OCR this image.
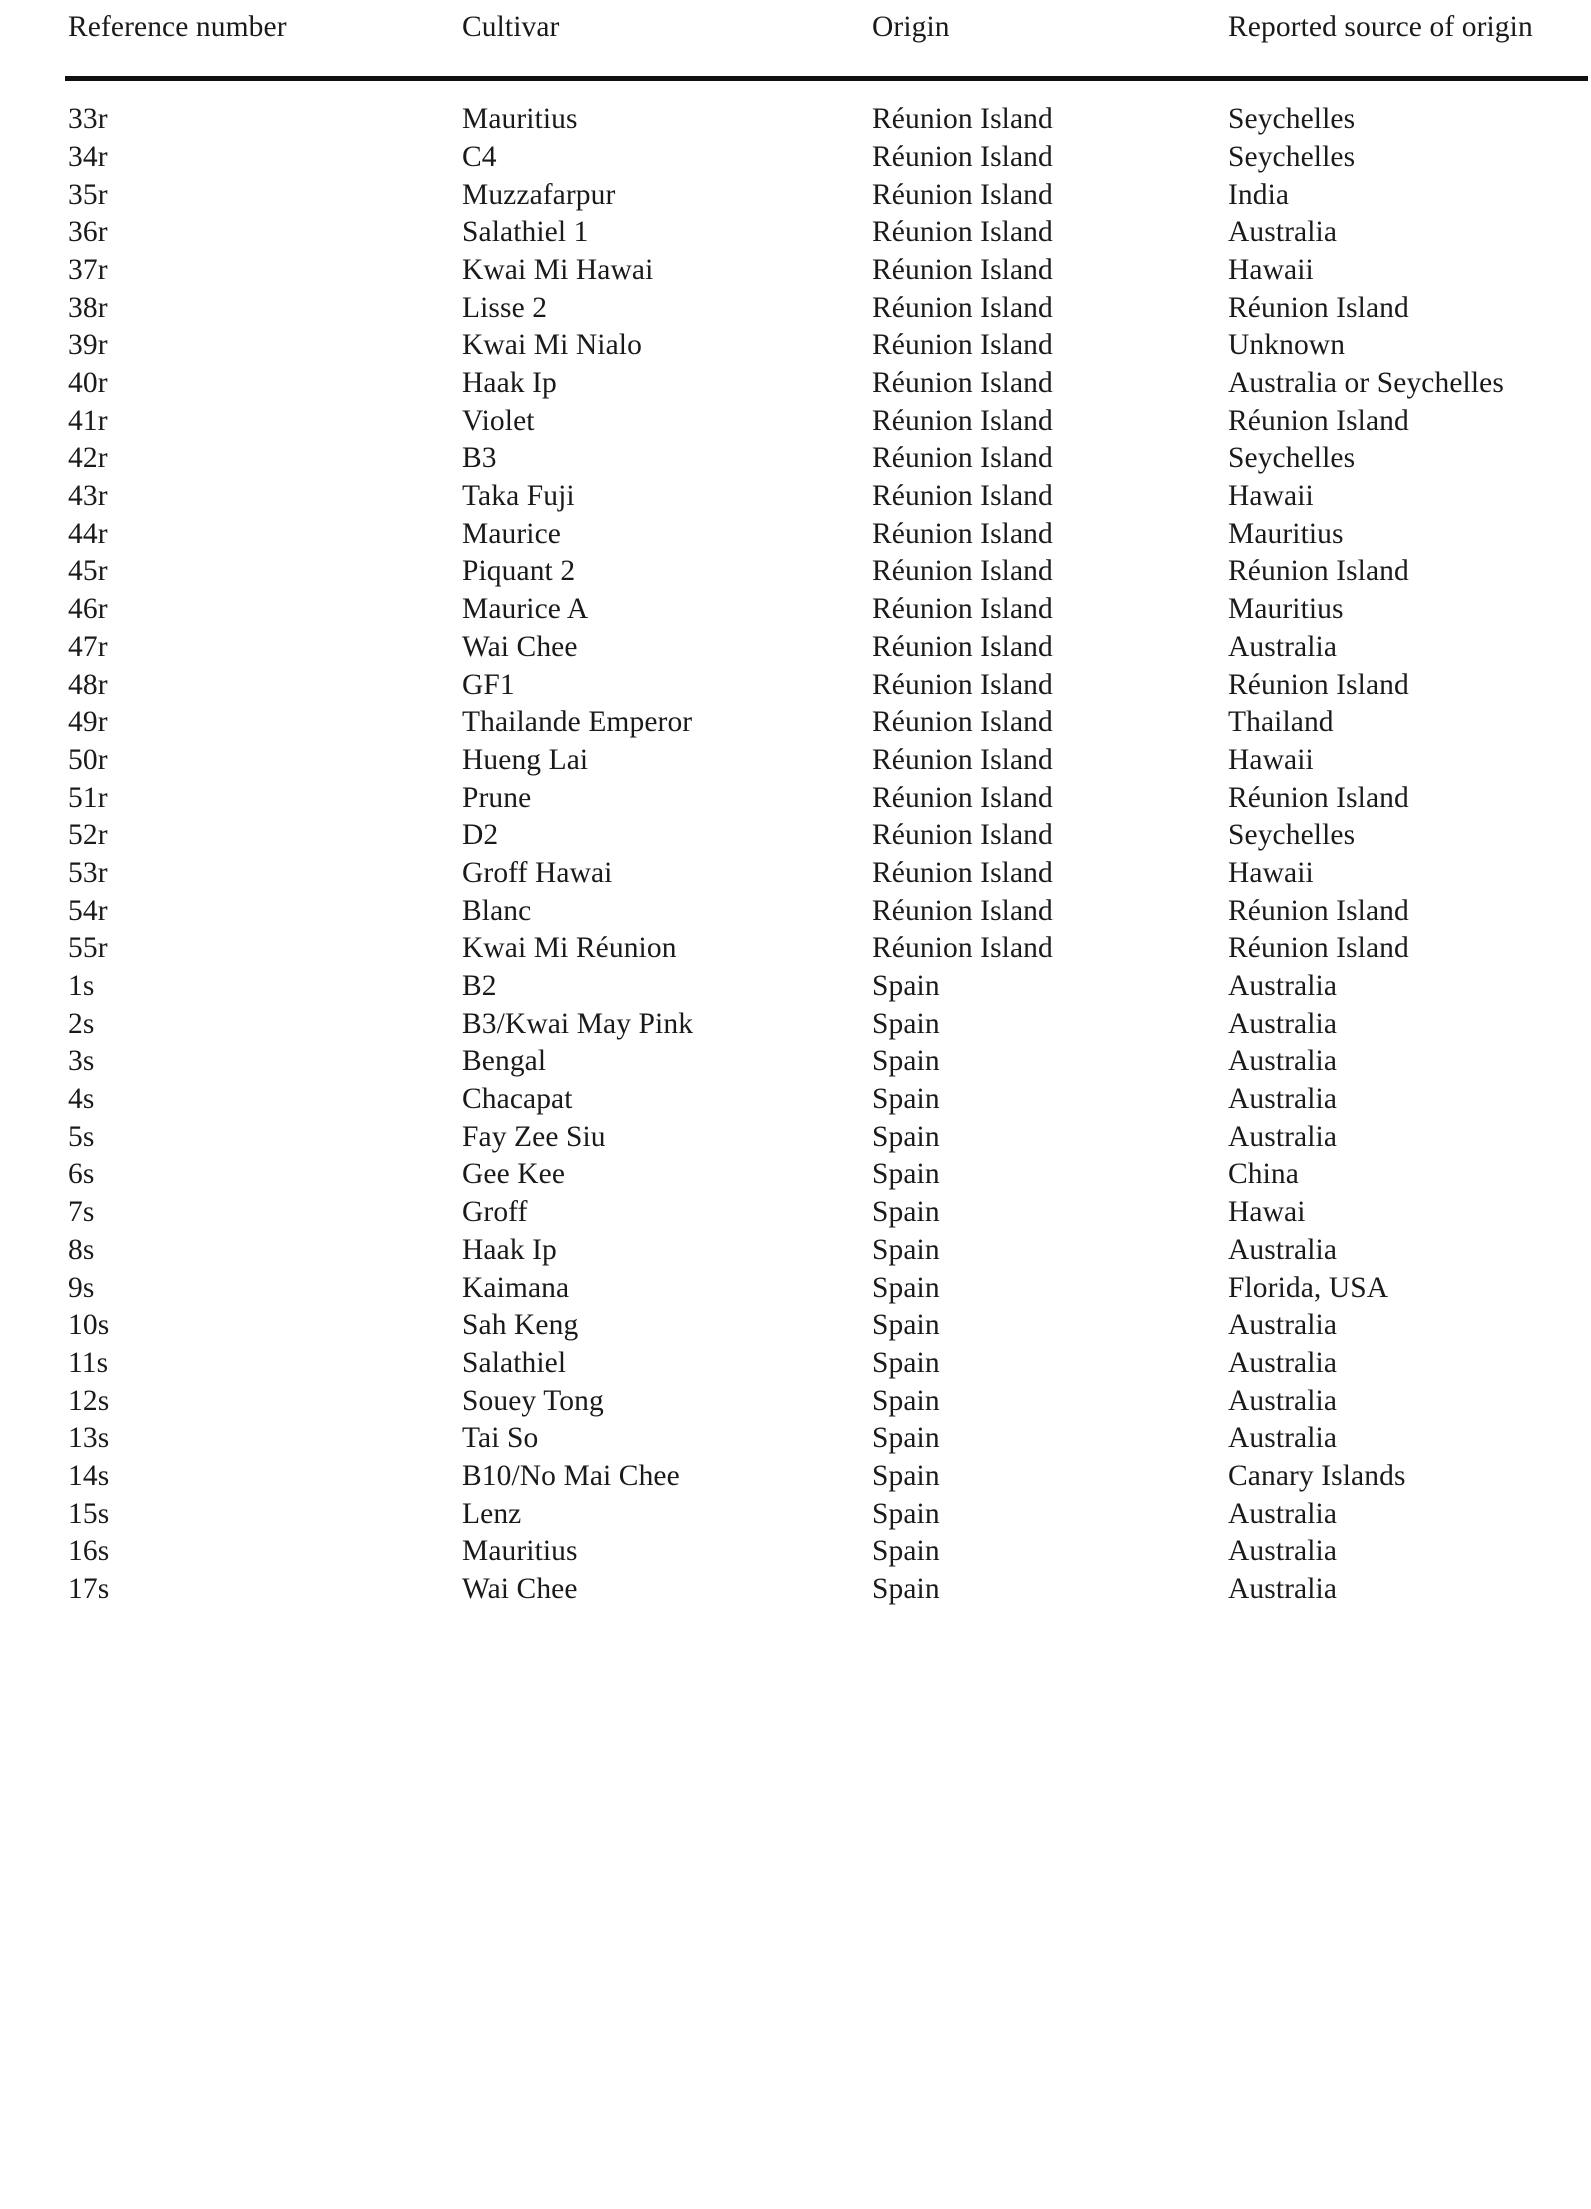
Reference number	Cultivar	Origin	Reported source of origin
33r	Mauritius	Réunion Island	Seychelles
34r	C4	Réunion Island	Seychelles
35r	Muzzafarpur	Réunion Island	India
36r	Salathiel 1	Réunion Island	Australia
37r	Kwai Mi Hawai	Réunion Island	Hawaii
38r	Lisse 2	Réunion Island	Réunion Island
39r	Kwai Mi Nialo	Réunion Island	Unknown
40r	Haak Ip	Réunion Island	Australia or Seychelles
41r	Violet	Réunion Island	Réunion Island
42r	B3	Réunion Island	Seychelles
43r	Taka Fuji	Réunion Island	Hawaii
44r	Maurice	Réunion Island	Mauritius
45r	Piquant 2	Réunion Island	Réunion Island
46r	Maurice A	Réunion Island	Mauritius
47r	Wai Chee	Réunion Island	Australia
48r	GF1	Réunion Island	Réunion Island
49r	Thailande Emperor	Réunion Island	Thailand
50r	Hueng Lai	Réunion Island	Hawaii
51r	Prune	Réunion Island	Réunion Island
52r	D2	Réunion Island	Seychelles
53r	Groff Hawai	Réunion Island	Hawaii
54r	Blanc	Réunion Island	Réunion Island
55r	Kwai Mi Réunion	Réunion Island	Réunion Island
1s	B2	Spain	Australia
2s	B3/Kwai May Pink	Spain	Australia
3s	Bengal	Spain	Australia
4s	Chacapat	Spain	Australia
5s	Fay Zee Siu	Spain	Australia
6s	Gee Kee	Spain	China
7s	Groff	Spain	Hawai
8s	Haak Ip	Spain	Australia
9s	Kaimana	Spain	Florida, USA
10s	Sah Keng	Spain	Australia
11s	Salathiel	Spain	Australia
12s	Souey Tong	Spain	Australia
13s	Tai So	Spain	Australia
14s	B10/No Mai Chee	Spain	Canary Islands
15s	Lenz	Spain	Australia
16s	Mauritius	Spain	Australia
17s	Wai Chee	Spain	Australia
